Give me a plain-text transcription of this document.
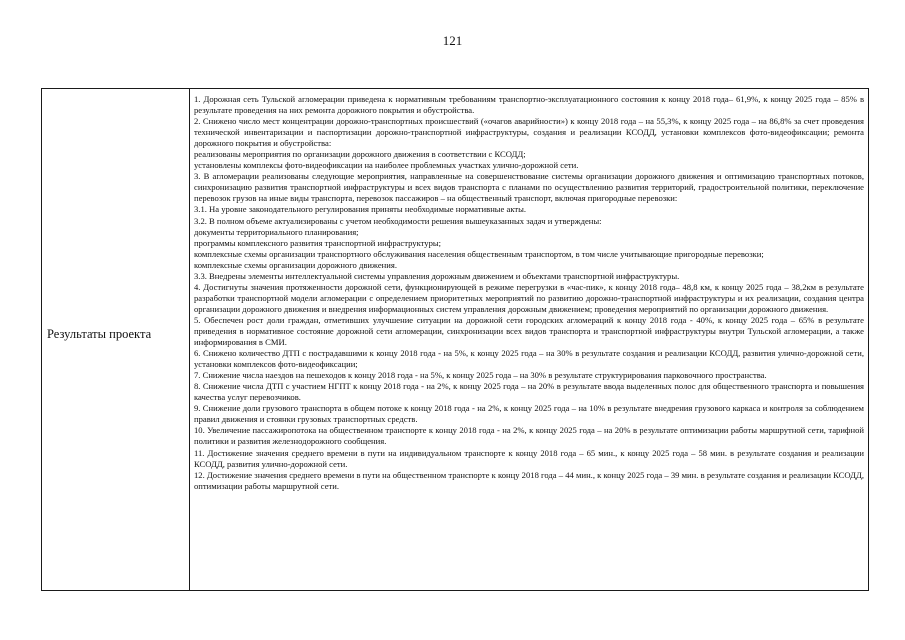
121
Результаты проекта

1. Дорожная сеть Тульской агломерации приведена к нормативным требованиям транспортно-эксплуатационного состояния к концу 2018 года– 61,9%, к концу 2025 года – 85% в результате проведения на них ремонта дорожного покрытия и обустройства.

2. Снижено число мест концентрации дорожно-транспортных происшествий («очагов аварийности») к концу 2018 года – на 55,3%, к концу 2025 года – на 86,8% за счет проведения технической инвентаризации и паспортизации дорожно-транспортной инфраструктуры, создания и реализации КСОДД, установки комплексов фото-видеофиксации; ремонта дорожного покрытия и обустройства:

реализованы мероприятия по организации дорожного движения в соответствии с КСОДД;

установлены комплексы фото-видеофиксации на наиболее проблемных участках улично-дорожной сети.

3. В агломерации реализованы следующие мероприятия, направленные на совершенствование системы организации дорожного движения и оптимизацию транспортных потоков, синхронизацию развития транспортной инфраструктуры и всех видов транспорта с планами по осуществлению развития территорий, градостроительной политики, переключение перевозок грузов на иные виды транспорта, перевозок пассажиров – на общественный транспорт, включая пригородные перевозки:

3.1. На уровне законодательного регулирования приняты необходимые нормативные акты.

3.2. В полном объеме актуализированы с учетом необходимости решения вышеуказанных задач и утверждены:

документы территориального планирования;

программы комплексного развития транспортной инфраструктуры;

комплексные схемы организации транспортного обслуживания населения общественным транспортом, в том числе учитывающие пригородные перевозки;

комплексные схемы организации дорожного движения.

3.3. Внедрены элементы интеллектуальной системы управления дорожным движением и объектами транспортной инфраструктуры.

4. Достигнуты значения протяженности дорожной сети, функционирующей в режиме перегрузки в «час-пик», к концу 2018 года– 48,8 км, к концу 2025 года – 38,2км в результате разработки транспортной модели агломерации с определением приоритетных мероприятий по развитию дорожно-транспортной инфраструктуры и их реализации, создания центра организации дорожного движения и внедрения информационных систем управления дорожным движением; проведения мероприятий по организации дорожного движения.

5. Обеспечен рост доли граждан, отметивших улучшение ситуации на дорожной сети городских агломераций к концу 2018 года - 40%, к концу 2025 года – 65% в результате приведения в нормативное состояние дорожной сети агломерации, синхронизации всех видов транспорта и транспортной инфраструктуры внутри Тульской агломерации, а также информирования в СМИ.

6. Снижено количество ДТП с пострадавшими к концу 2018 года - на 5%, к концу 2025 года – на 30% в результате создания и реализации КСОДД, развития улично-дорожной сети, установки комплексов фото-видеофиксации;

7. Снижение числа наездов на пешеходов к концу 2018 года - на 5%, к концу 2025 года – на 30% в результате структурирования парковочного пространства.

8. Снижение числа ДТП с участием НГПТ к концу 2018 года - на 2%, к концу 2025 года – на 20% в результате ввода выделенных полос для общественного транспорта и повышения качества услуг перевозчиков.

9. Снижение доли грузового транспорта в общем потоке к концу 2018 года - на 2%, к концу 2025 года – на 10% в результате внедрения грузового каркаса и контроля за соблюдением правил движения и стоянки грузовых транспортных средств.

10. Увеличение пассажиропотока на общественном транспорте к концу 2018 года - на 2%, к концу 2025 года – на 20% в результате оптимизации работы маршрутной сети, тарифной политики и развития железнодорожного сообщения.

11. Достижение значения среднего времени в пути на индивидуальном транспорте к концу 2018 года – 65 мин., к концу 2025 года – 58 мин. в результате создания и реализации КСОДД, развития улично-дорожной сети.

12. Достижение значения среднего времени в пути на общественном транспорте к концу 2018 года – 44 мин., к концу 2025 года – 39 мин. в результате создания и реализации КСОДД, оптимизации работы маршрутной сети.
